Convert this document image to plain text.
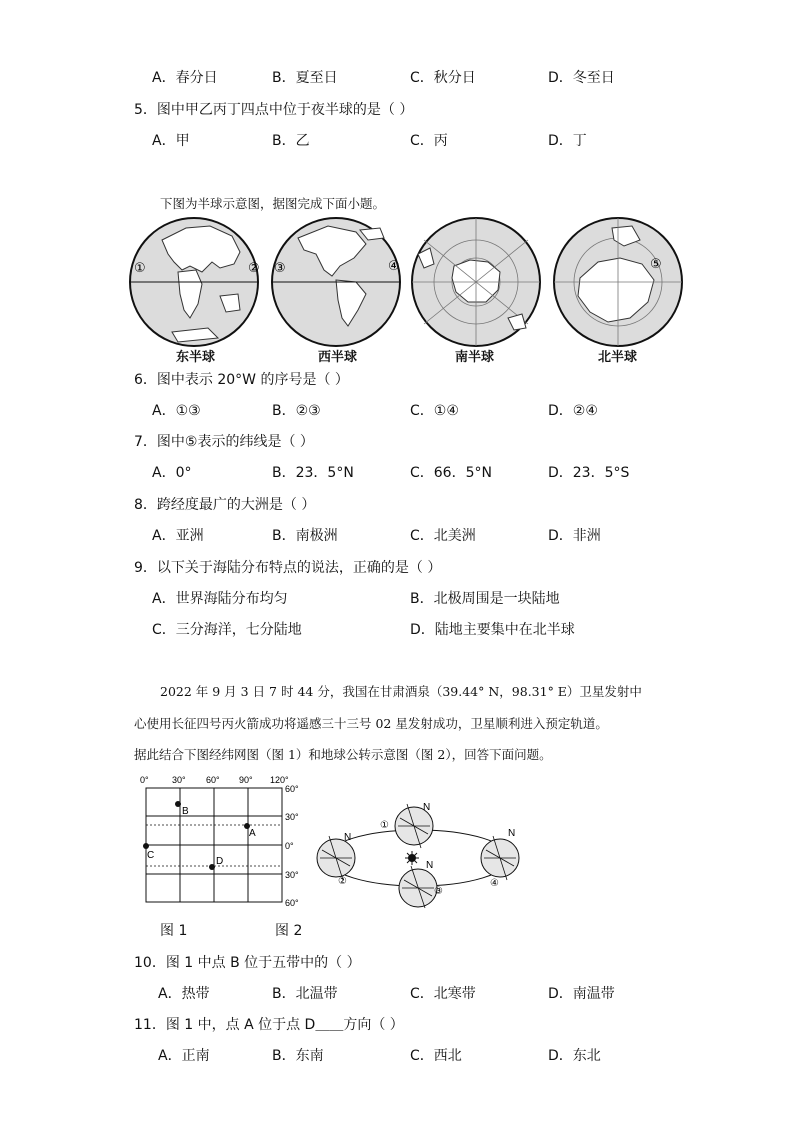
A．春分日	B．夏至日	C．秋分日	D．冬至日
5．图中甲乙丙丁四点中位于夜半球的是（ ）
A．甲	B．乙	C．丙	D．丁
下图为半球示意图，据图完成下面小题。
①	② ③	④	⑤
东半球	西半球	南半球	北半球
6．图中表示 20°W 的序号是（ ）
A．①③	B．②③	C．①④	D．②④
7．图中⑤表示的纬线是（ ）
A．0°	B．23．5°N	C．66．5°N	D．23．5°S
8．跨经度最广的大洲是（ ）
A．亚洲	B．南极洲	C．北美洲	D．非洲
9．以下关于海陆分布特点的说法，正确的是（ ）
A．世界海陆分布均匀	B．北极周围是一块陆地
C．三分海洋，七分陆地	D．陆地主要集中在北半球
2022 年 9 月 3 日 7 时 44 分，我国在甘肃酒泉（39.44° N，98.31° E）卫星发射中
心使用长征四号丙火箭成功将遥感三十三号 02 星发射成功，卫星顺利进入预定轨道。
据此结合下图经纬网图（图 1）和地球公转示意图（图 2），回答下面问题。
0°	30° 60° 90° 120°
60°
30°
0°
30°
60°
A
B
C
D
N
N	N
N
①
②
③
④
图 1	图 2
10．图 1 中点 B 位于五带中的（ ）
A．热带	B．北温带	C．北寒带	D．南温带
11．图 1 中，点 A 位于点 D＿＿方向（ ）
A．正南	B．东南	C．西北	D．东北
